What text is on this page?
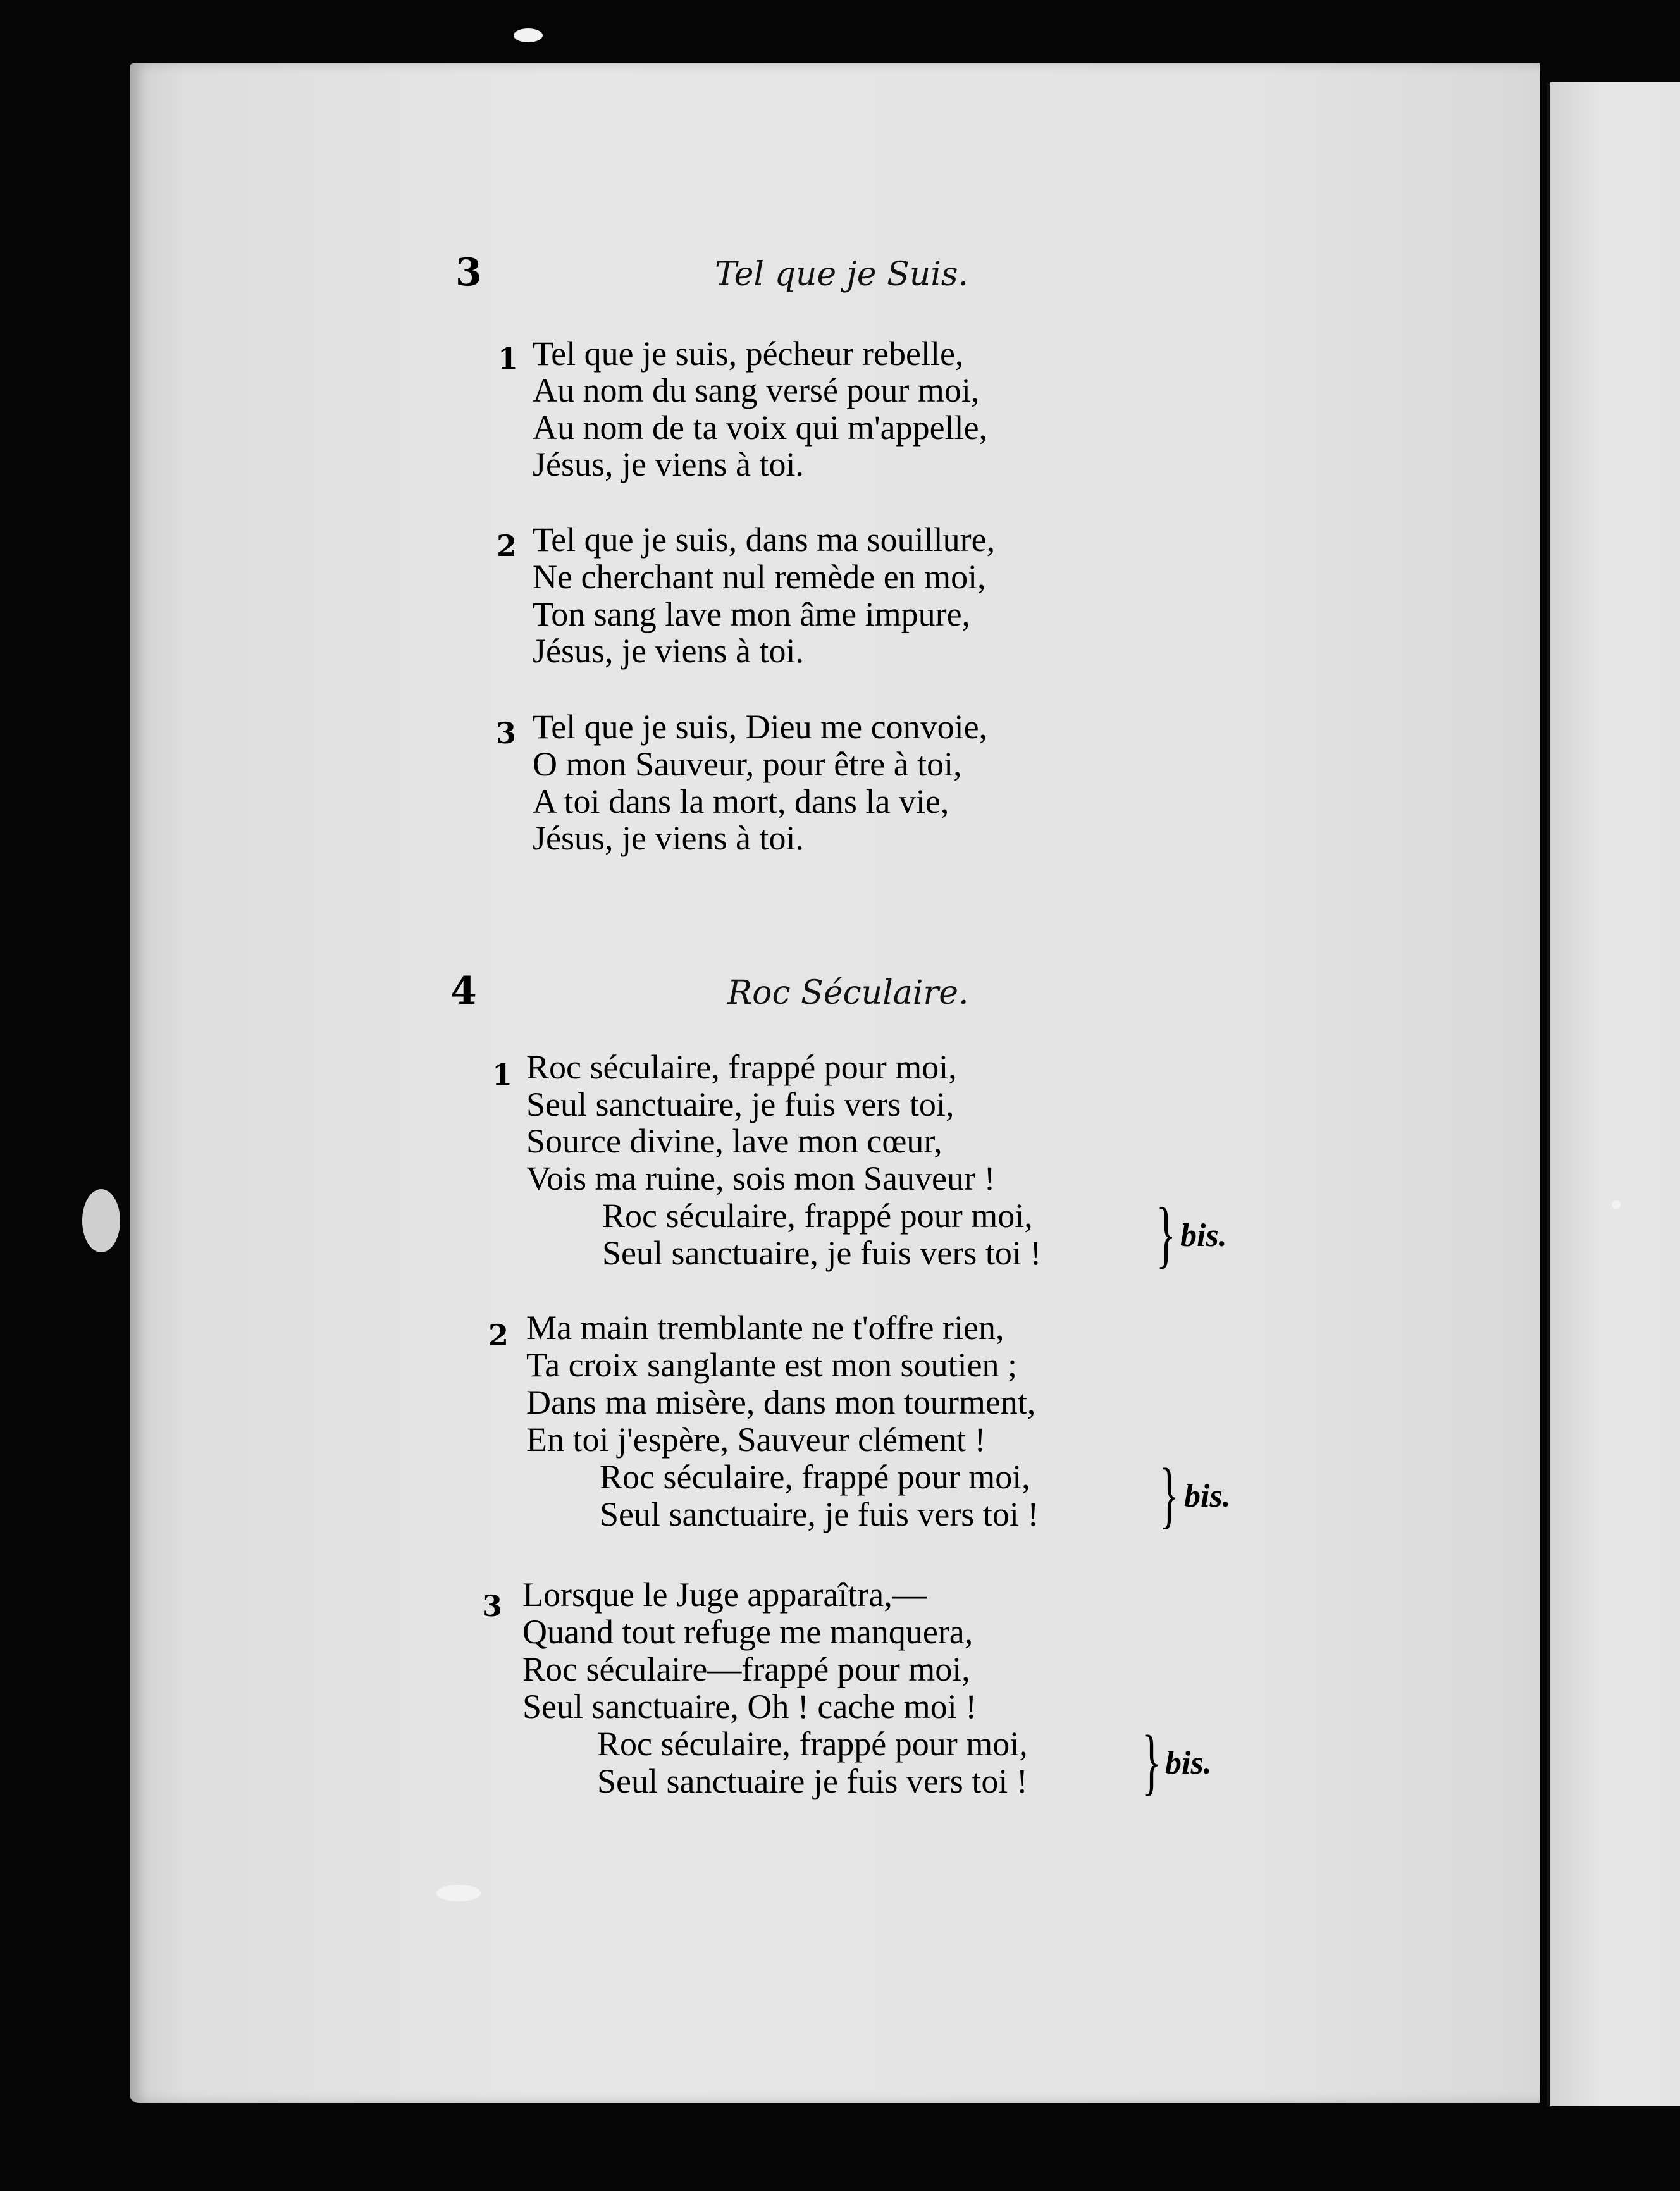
3	Tel que je Suis.
1 Tel que je suis, pécheur rebelle,
Au nom du sang versé pour moi,
Au nom de ta voix qui m'appelle,
Jésus, je viens à toi.
2 Tel que je suis, dans ma souillure,
Ne cherchant nul remède en moi,
Ton sang lave mon âme impure,
Jésus, je viens à toi.
3 Tel que je suis, Dieu me convoie,
O mon Sauveur, pour être à toi,
A toi dans la mort, dans la vie,
Jésus, je viens à toi.
4	Roc Séculaire.
1 Roc séculaire, frappé pour moi,
Seul sanctuaire, je fuis vers toi,
Source divine, lave mon cœur,
Vois ma ruine, sois mon Sauveur !
Roc séculaire, frappé pour moi,
Seul sanctuaire, je fuis vers toi ! } bis.
2 Ma main tremblante ne t'offre rien,
Ta croix sanglante est mon soutien ;
Dans ma misère, dans mon tourment,
En toi j'espère, Sauveur clément !
Roc séculaire, frappé pour moi,
Seul sanctuaire, je fuis vers toi ! } bis.
3 Lorsque le Juge apparaîtra,—
Quand tout refuge me manquera,
Roc séculaire—frappé pour moi,
Seul sanctuaire, Oh ! cache moi !
Roc séculaire, frappé pour moi,
Seul sanctuaire je fuis vers toi ! } bis.
